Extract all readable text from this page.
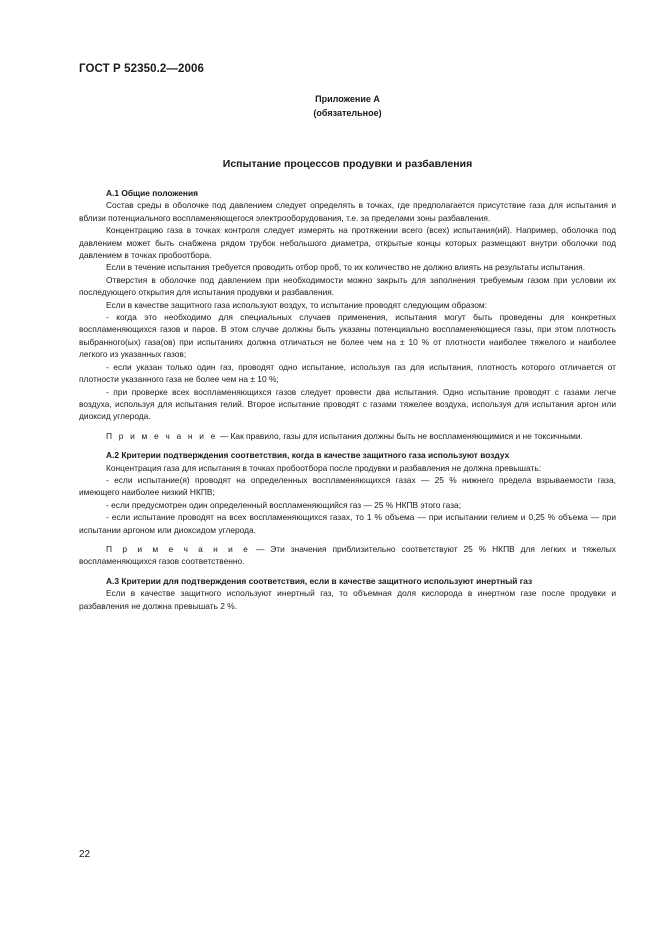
ГОСТ Р 52350.2—2006
Приложение А
(обязательное)
Испытание процессов продувки и разбавления

А.1 Общие положения

Состав среды в оболочке под давлением следует определять в точках, где предполагается присутствие газа для испытания и вблизи потенциального воспламеняющегося электрооборудования, т.е. за пределами зоны разбавления.

Концентрацию газа в точках контроля следует измерять на протяжении всего (всех) испытания(ий). Например, оболочка под давлением может быть снабжена рядом трубок небольшого диаметра, открытые концы которых размещают внутри оболочки под давлением в точках пробоотбора.

Если в течение испытания требуется проводить отбор проб, то их количество не должно влиять на результаты испытания.

Отверстия в оболочке под давлением при необходимости можно закрыть для заполнения требуемым газом при условии их последующего открытия для испытания продувки и разбавления.

Если в качестве защитного газа используют воздух, то испытание проводят следующим образом:

- когда это необходимо для специальных случаев применения, испытания могут быть проведены для конкретных воспламеняющихся газов и паров. В этом случае должны быть указаны потенциально воспламеняющиеся газы, при этом плотность выбранного(ых) газа(ов) при испытаниях должна отличаться не более чем на ± 10 % от плотности наиболее тяжелого и наиболее легкого из указанных газов;

- если указан только один газ, проводят одно испытание, используя газ для испытания, плотность которого отличается от плотности указанного газа не более чем на ± 10 %;

- при проверке всех воспламеняющихся газов следует провести два испытания. Одно испытание проводят с газами легче воздуха, используя для испытания гелий. Второе испытание проводят с газами тяжелее воздуха, используя для испытания аргон или диоксид углерода.

П р и м е ч а н и е — Как правило, газы для испытания должны быть не воспламеняющимися и не токсичными.

А.2 Критерии подтверждения соответствия, когда в качестве защитного газа используют воздух

Концентрация газа для испытания в точках пробоотбора после продувки и разбавления не должна превышать:

- если испытание(я) проводят на определенных воспламеняющихся газах — 25 % нижнего предела взрываемости газа, имеющего наиболее низкий НКПВ;

- если предусмотрен один определенный воспламеняющийся газ — 25 % НКПВ этого газа;

- если испытание проводят на всех воспламеняющихся газах, то 1 % объема — при испытании гелием и 0,25 % объема — при испытании аргоном или диоксидом углерода.

П р и м е ч а н и е — Эти значения приблизительно соответствуют 25 % НКПВ для легких и тяжелых воспламеняющихся газов соответственно.

А.3 Критерии для подтверждения соответствия, если в качестве защитного используют инертный газ

Если в качестве защитного используют инертный газ, то объемная доля кислорода в инертном газе после продувки и разбавления не должна превышать 2 %.

22
